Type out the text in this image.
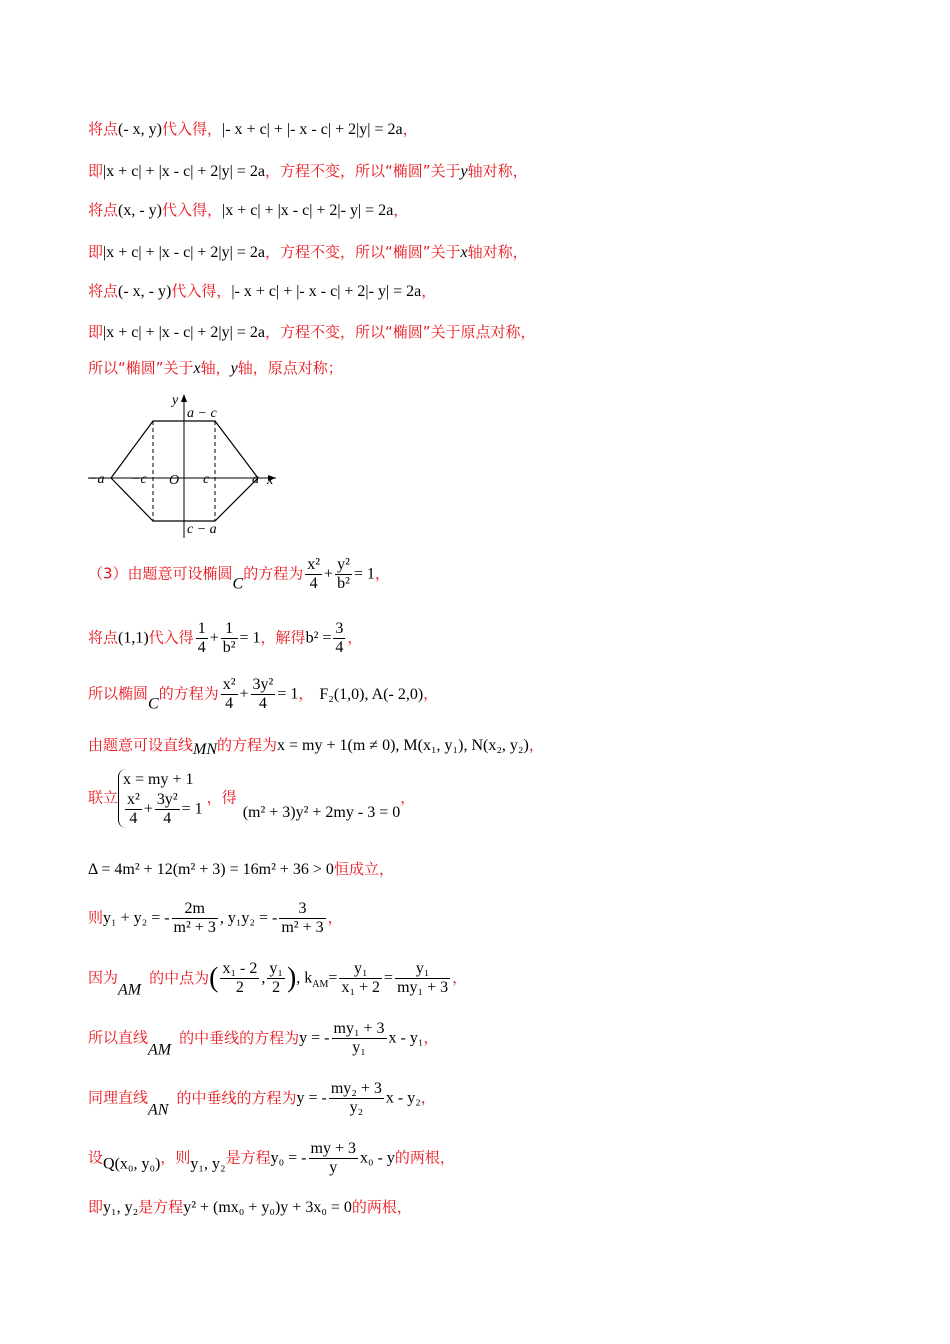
将点(- x, y)代入得，|- x + c| + |- x - c| + 2|y| = 2a，
即|x + c| + |x - c| + 2|y| = 2a，方程不变，所以“椭圆”关于y轴对称，
将点(x, - y)代入得，|x + c| + |x - c| + 2|- y| = 2a，
即|x + c| + |x - c| + 2|y| = 2a，方程不变，所以“椭圆”关于x轴对称，
将点(- x, - y)代入得，|- x + c| + |- x - c| + 2|- y| = 2a，
即|x + c| + |x - c| + 2|y| = 2a，方程不变，所以“椭圆”关于原点对称，
所以“椭圆”关于x轴，y轴，原点对称；
y
a − c
c − a
−a −c O c	a x
（3）由题意可设椭圆C的方程为 $\frac{\text{x²}}{4} + \frac{\text{y²}}{\text{b²}} = 1$，
将点(1,1)代入得 $\frac{1}{4} + \frac{1}{\text{b²}} = 1$，解得$b^2 = \frac{3}{4}$ ，
所以椭圆C的方程为 $\frac{\text{x²}}{4} + \frac{\text{3y²}}{4} = 1$， F₂(1,0), A(- 2,0)，
由题意可设直线MN的方程为x = my + 1(m ≠ 0), M(x₁, y₁), N(x₂, y₂)，
联立
x = my + 1
$\frac{\text{x²}}{4} + \frac{\text{3y²}}{4} = 1$
，得(m² + 3)y² + 2my - 3 = 0，
Δ = 4m² + 12(m² + 3) = 16m² + 36 > 0恒成立，
则y₁ + y₂ = - $\frac{2m}{\text{m² + 3}}$ , y₁y₂ = - $\frac{3}{\text{m² + 3}}$ ，
因为AM的中点为( $\frac{\text{x₁ - 2}}{2}$ , $\frac{\text{y₁}}{2}$ ), $k_{AM}= \frac{\text{y₁}}{\text{x₁ + 2}} = \frac{\text{y₁}}{\text{my₁ + 3}}$ ，
所以直线AM的中垂线的方程为y = - $\frac{\text{my₁ + 3}}{\text{y₁}}$ x - y₁，
同理直线AN的中垂线的方程为y = - $\frac{\text{my₂ + 3}}{\text{y₂}}$ x - y₂，
设Q(x₀, y₀)，则y₁, y₂是方程y₀ = - $\frac{my + 3}{y} x_0$ - y的两根，
即y₁, y₂是方程y² + (mx₀ + y₀)y + 3x₀ = 0的两根，
